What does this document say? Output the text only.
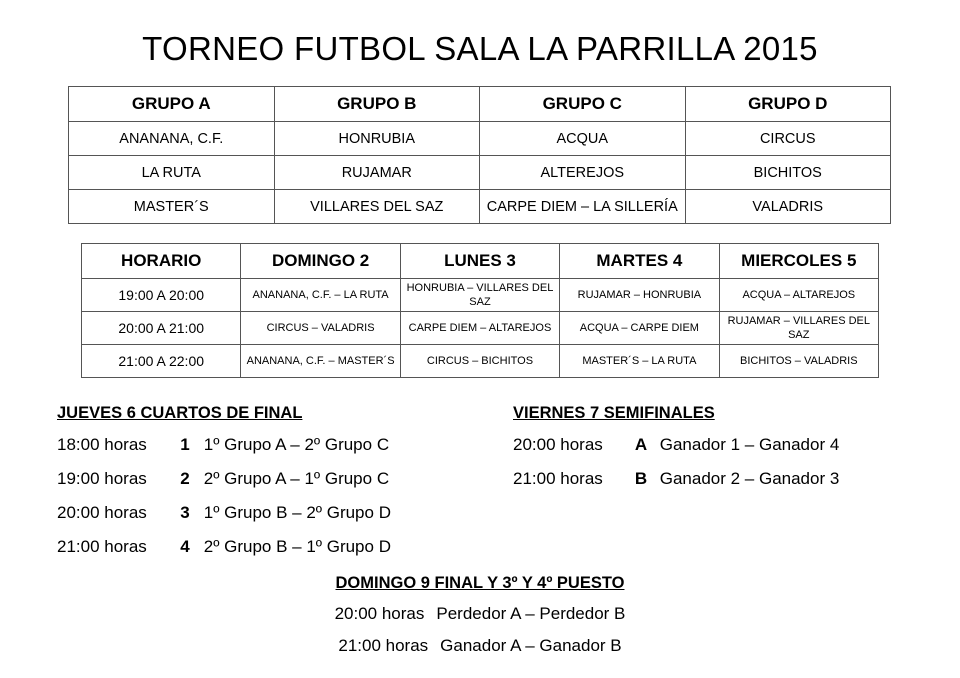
TORNEO FUTBOL SALA LA PARRILLA 2015
GRUPO A	GRUPO B	GRUPO C	GRUPO D
ANANANA, C.F.	HONRUBIA	ACQUA	CIRCUS
LA RUTA	RUJAMAR	ALTEREJOS	BICHITOS
MASTER´S	VILLARES DEL SAZ	CARPE DIEM – LA SILLERÍA	VALADRIS
HORARIO	DOMINGO 2	LUNES 3	MARTES 4	MIERCOLES 5
19:00 A 20:00	ANANANA, C.F. – LA RUTA	HONRUBIA – VILLARES DEL SAZ	RUJAMAR – HONRUBIA	ACQUA – ALTAREJOS
20:00 A 21:00	CIRCUS – VALADRIS	CARPE DIEM – ALTAREJOS	ACQUA – CARPE DIEM	RUJAMAR – VILLARES DEL SAZ
21:00 A 22:00	ANANANA, C.F. – MASTER´S	CIRCUS – BICHITOS	MASTER´S – LA RUTA	BICHITOS – VALADRIS
JUEVES 6 CUARTOS DE FINAL
18:00 horas 1 1º Grupo A – 2º Grupo C
19:00 horas 2 2º Grupo A – 1º Grupo C
20:00 horas 3 1º Grupo B – 2º Grupo D
21:00 horas 4 2º Grupo B – 1º Grupo D
VIERNES 7 SEMIFINALES
20:00 horas A Ganador 1 – Ganador 4
21:00 horas B Ganador 2 – Ganador 3
DOMINGO 9 FINAL Y 3º Y 4º PUESTO
20:00 horas Perdedor A – Perdedor B
21:00 horas Ganador A – Ganador B
